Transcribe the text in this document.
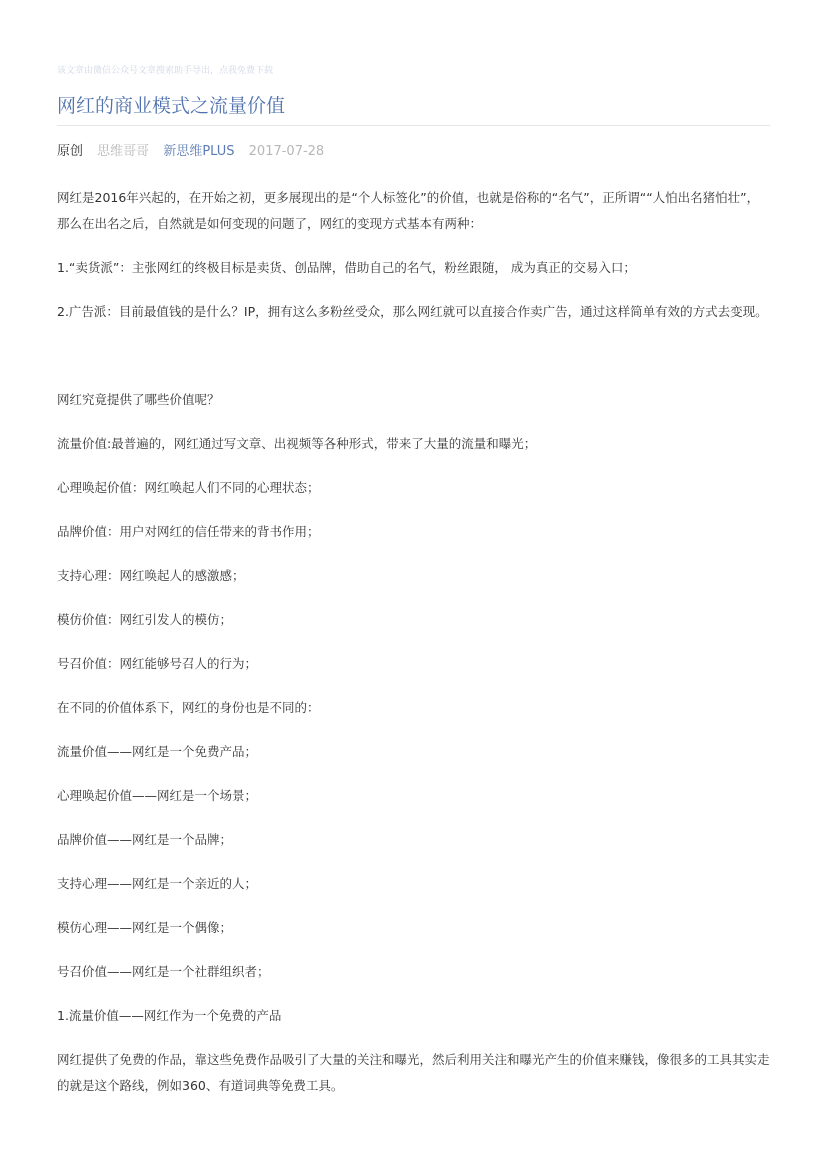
该文章由微信公众号文章搜索助手导出，点我免费下载
网红的商业模式之流量价值
原创 思维哥哥 新思维PLUS 2017-07-28

网红是2016年兴起的，在开始之初，更多展现出的是“个人标签化”的价值，也就是俗称的“名气”，正所谓““人怕出名猪怕壮”，那么在出名之后，自然就是如何变现的问题了，网红的变现方式基本有两种：

1.“卖货派”：主张网红的终极目标是卖货、创品牌，借助自己的名气，粉丝跟随， 成为真正的交易入口；

2.广告派：目前最值钱的是什么？IP，拥有这么多粉丝受众，那么网红就可以直接合作卖广告，通过这样简单有效的方式去变现。

网红究竟提供了哪些价值呢？

流量价值:最普遍的，网红通过写文章、出视频等各种形式，带来了大量的流量和曝光；

心理唤起价值：网红唤起人们不同的心理状态；

品牌价值：用户对网红的信任带来的背书作用；

支持心理：网红唤起人的感激感；

模仿价值：网红引发人的模仿；

号召价值：网红能够号召人的行为；

在不同的价值体系下，网红的身份也是不同的：

流量价值——网红是一个免费产品；

心理唤起价值——网红是一个场景；

品牌价值——网红是一个品牌；

支持心理——网红是一个亲近的人；

模仿心理——网红是一个偶像；

号召价值——网红是一个社群组织者；

1.流量价值——网红作为一个免费的产品

网红提供了免费的作品，靠这些免费作品吸引了大量的关注和曝光，然后利用关注和曝光产生的价值来赚钱，像很多的工具其实走的就是这个路线，例如360、有道词典等免费工具。
